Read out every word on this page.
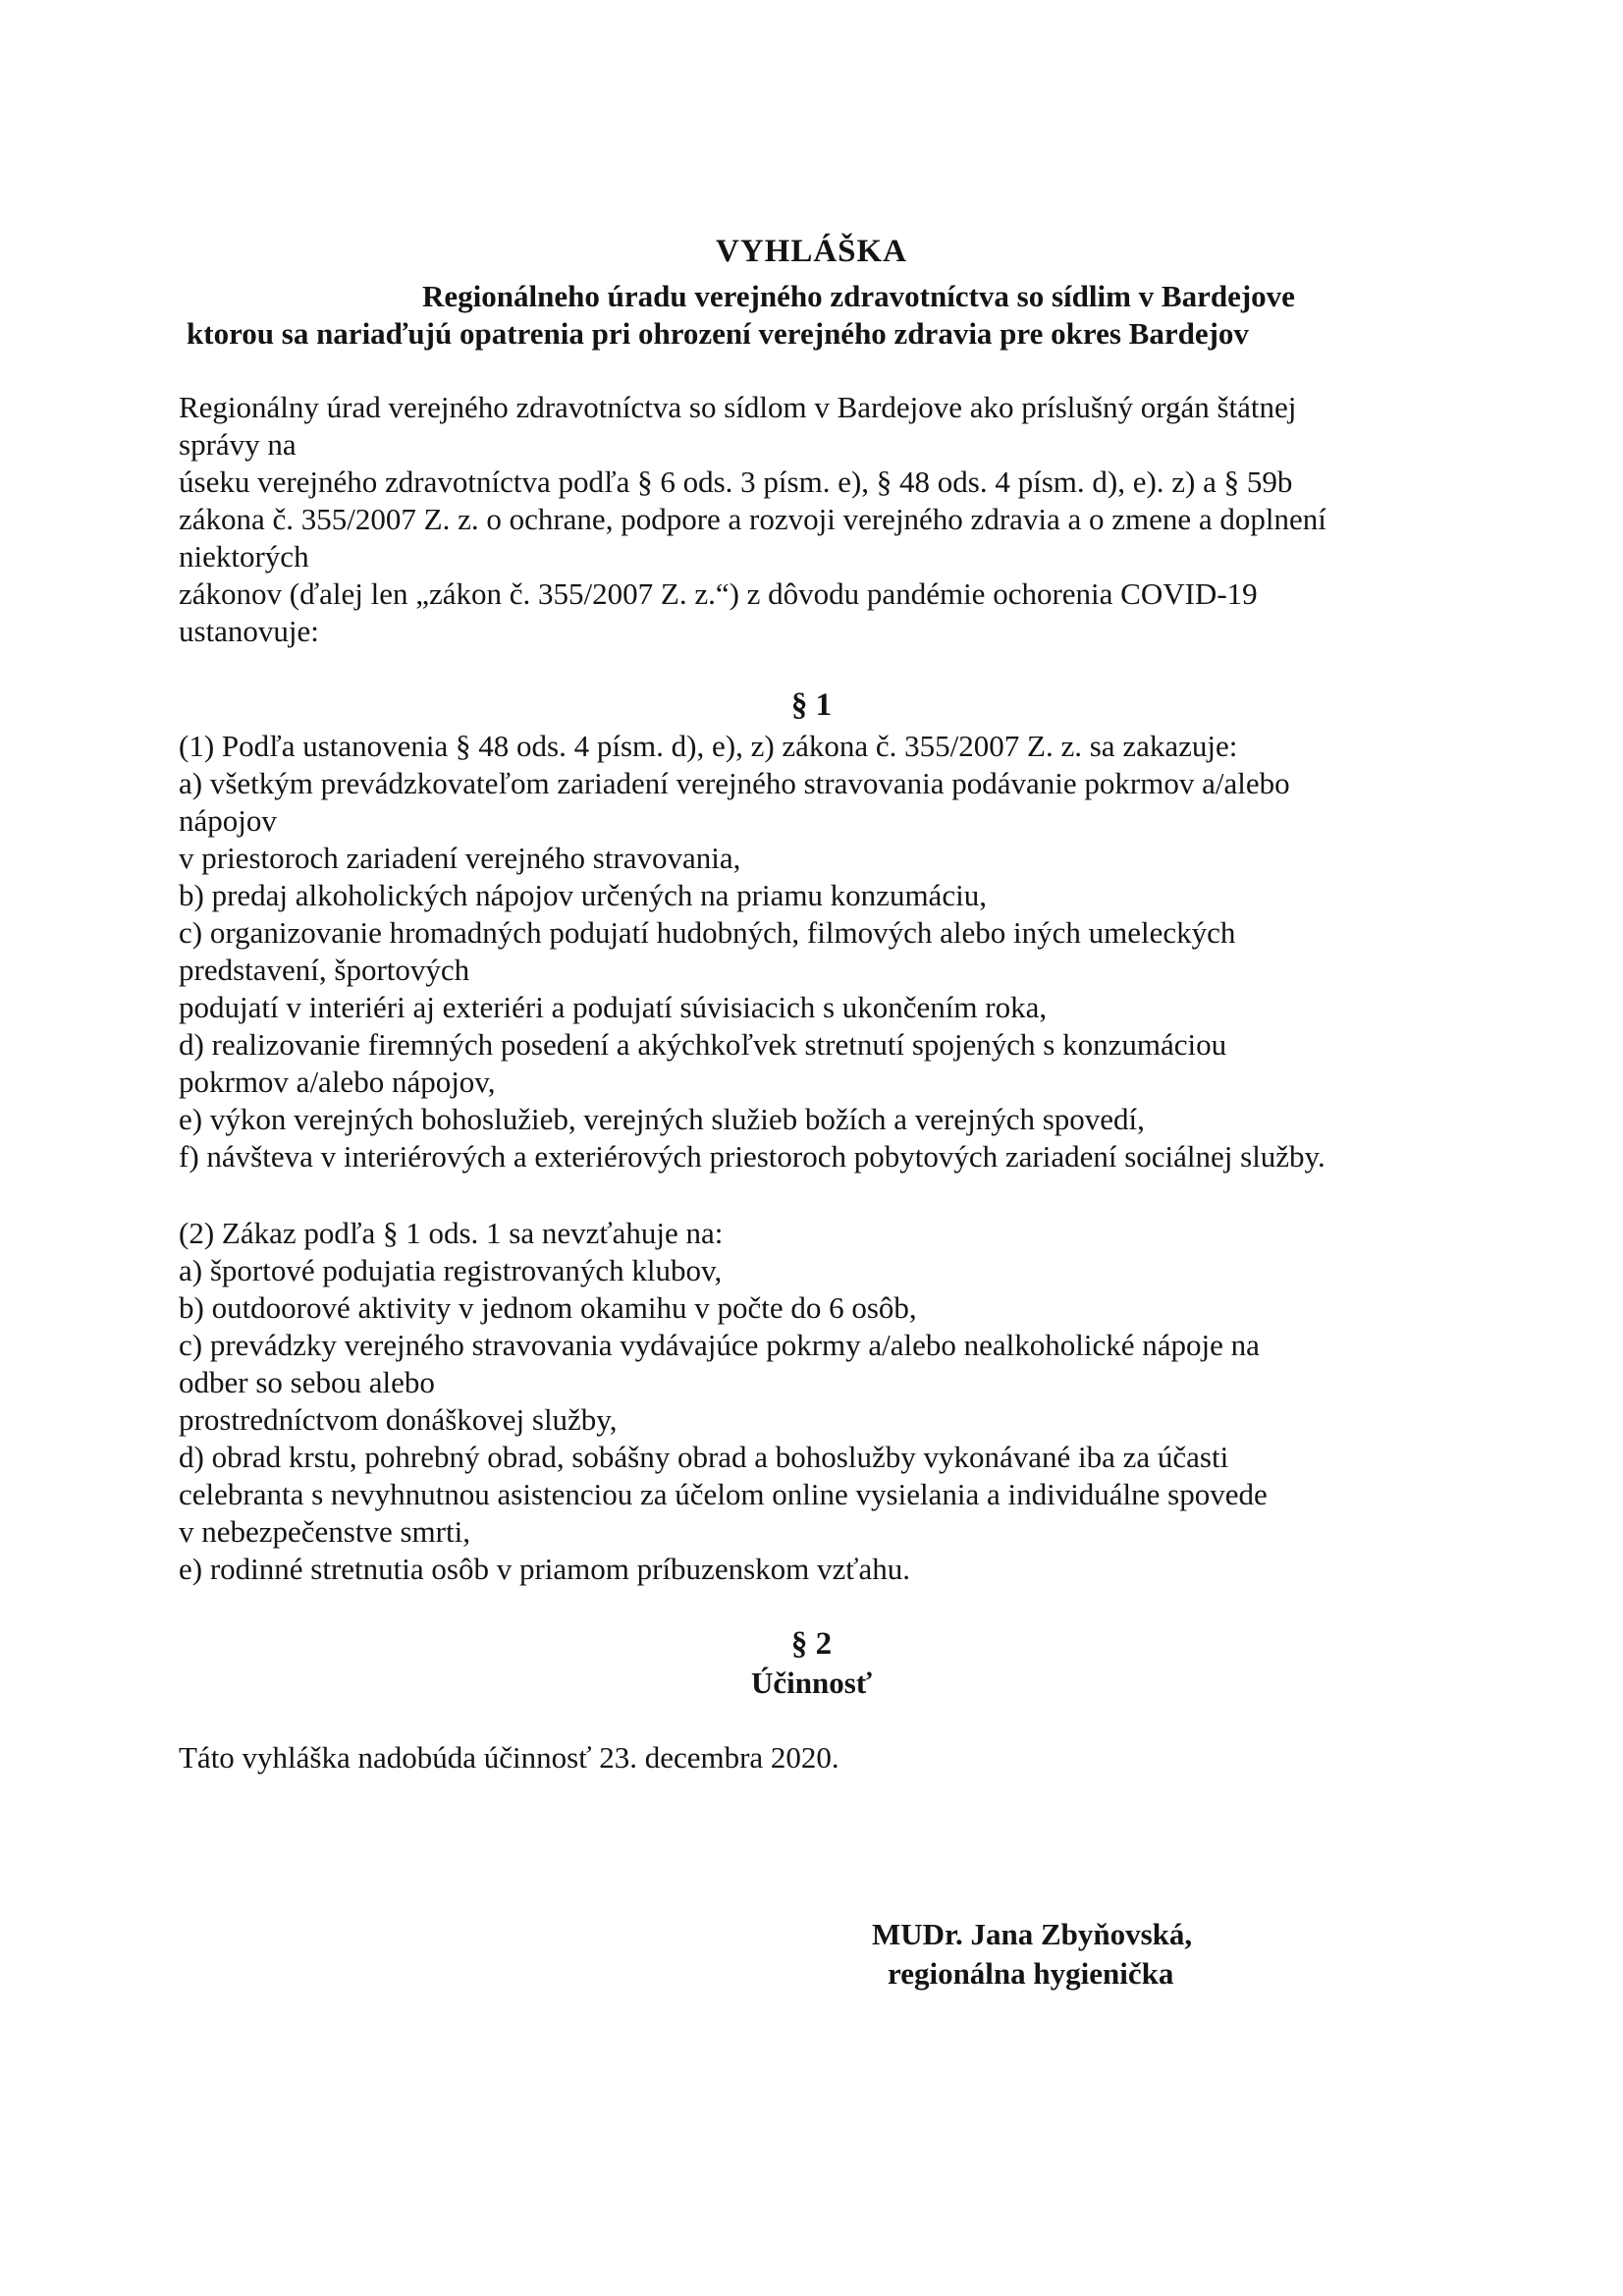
VYHLÁŠKA
Regionálneho úradu verejného zdravotníctva so sídlim v Bardejove
ktorou sa nariaďujú opatrenia pri ohrození verejného zdravia pre okres Bardejov
Regionálny úrad verejného zdravotníctva so sídlom v Bardejove ako príslušný orgán štátnej
správy na
úseku verejného zdravotníctva podľa § 6 ods. 3 písm. e), § 48 ods. 4 písm. d), e). z) a § 59b
zákona č. 355/2007 Z. z. o ochrane, podpore a rozvoji verejného zdravia a o zmene a doplnení
niektorých
zákonov (ďalej len „zákon č. 355/2007 Z. z.“) z dôvodu pandémie ochorenia COVID-19
ustanovuje:
§ 1
(1) Podľa ustanovenia § 48 ods. 4 písm. d), e), z) zákona č. 355/2007 Z. z. sa zakazuje:
a) všetkým prevádzkovateľom zariadení verejného stravovania podávanie pokrmov a/alebo
nápojov
v priestoroch zariadení verejného stravovania,
b) predaj alkoholických nápojov určených na priamu konzumáciu,
c) organizovanie hromadných podujatí hudobných, filmových alebo iných umeleckých
predstavení, športových
podujatí v interiéri aj exteriéri a podujatí súvisiacich s ukončením roka,
d) realizovanie firemných posedení a akýchkoľvek stretnutí spojených s konzumáciou
pokrmov a/alebo nápojov,
e) výkon verejných bohoslužieb, verejných služieb božích a verejných spovedí,
f) návšteva v interiérových a exteriérových priestoroch pobytových zariadení sociálnej služby.
(2) Zákaz podľa § 1 ods. 1 sa nevzťahuje na:
a) športové podujatia registrovaných klubov,
b) outdoorové aktivity v jednom okamihu v počte do 6 osôb,
c) prevádzky verejného stravovania vydávajúce pokrmy a/alebo nealkoholické nápoje na
odber so sebou alebo
prostredníctvom donáškovej služby,
d) obrad krstu, pohrebný obrad, sobášny obrad a bohoslužby vykonávané iba za účasti
celebranta s nevyhnutnou asistenciou za účelom online vysielania a individuálne spovede
v nebezpečenstve smrti,
e) rodinné stretnutia osôb v priamom príbuzenskom vzťahu.
§ 2
Účinnosť
Táto vyhláška nadobúda účinnosť 23. decembra 2020.
MUDr. Jana Zbyňovská,
regionálna hygienička
